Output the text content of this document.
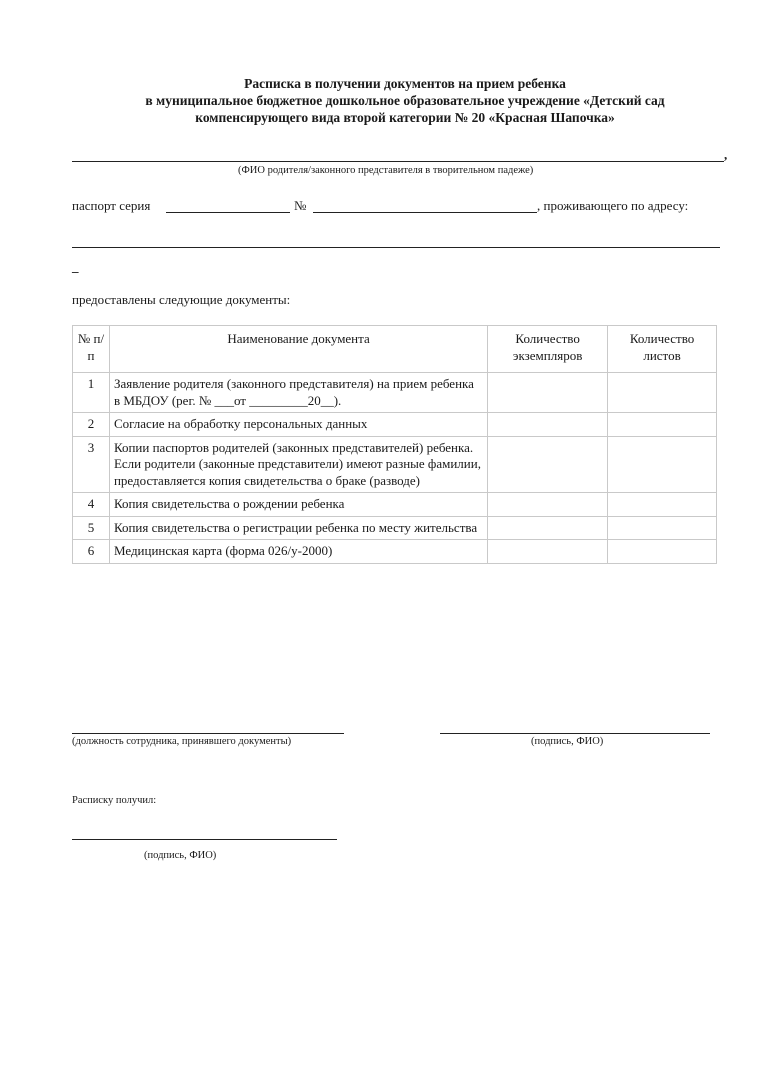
Расписка в получении документов на прием ребенка
в муниципальное бюджетное дошкольное образовательное учреждение «Детский сад
компенсирующего вида второй категории № 20 «Красная Шапочка»
,
(ФИО родителя/законного представителя в творительном падеже)
паспорт серия	№	, проживающего по адресу:
_
предоставлены следующие документы:
№ п/п	Наименование документа	Количество экземпляров	Количество листов
1	Заявление родителя (законного представителя) на прием ребенка в МБДОУ (рег. № ___от _________20__).		
2	Согласие на обработку персональных данных		
3	Копии паспортов родителей (законных представителей) ребенка.
Если родители (законные представители) имеют разные фамилии, предоставляется копия свидетельства о браке (разводе)		
4	Копия свидетельства о рождении ребенка		
5	Копия свидетельства о регистрации ребенка по месту жительства		
6	Медицинская карта (форма 026/у-2000)		
(должность сотрудника, принявшего документы)	(подпись, ФИО)
Расписку получил:
(подпись, ФИО)
